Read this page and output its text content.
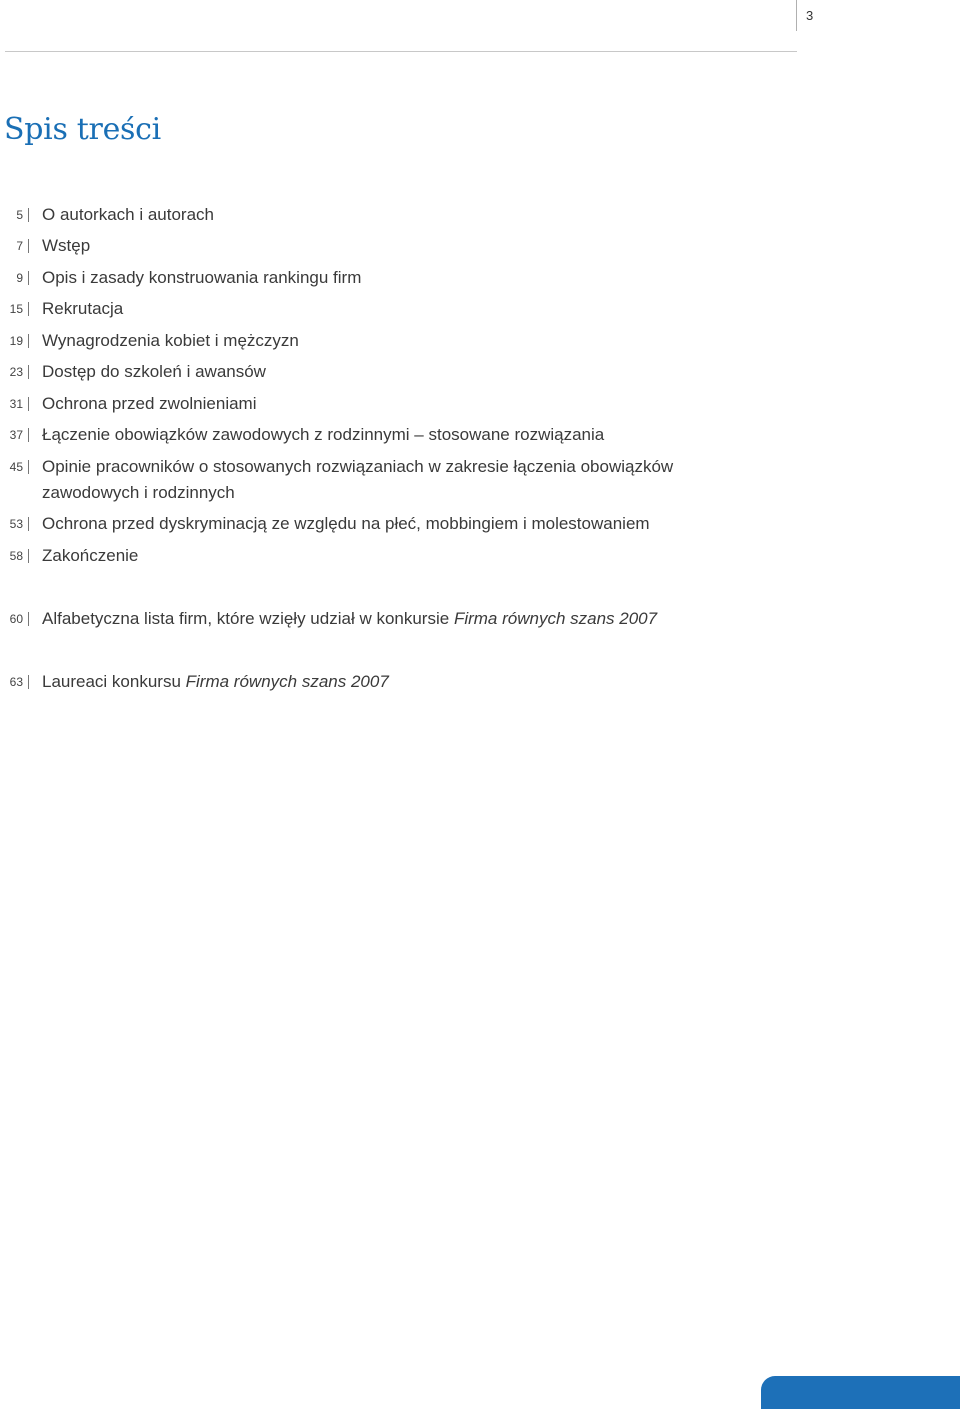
3
Spis treści
5 O autorkach i autorach
7 Wstęp
9 Opis i zasady konstruowania rankingu firm
15 Rekrutacja
19 Wynagrodzenia kobiet i mężczyzn
23 Dostęp do szkoleń i awansów
31 Ochrona przed zwolnieniami
37 Łączenie obowiązków zawodowych z rodzinnymi – stosowane rozwiązania
45 Opinie pracowników o stosowanych rozwiązaniach w zakresie łączenia obowiązków
zawodowych i rodzinnych
53 Ochrona przed dyskryminacją ze względu na płeć, mobbingiem i molestowaniem
58 Zakończenie
60 Alfabetyczna lista firm, które wzięły udział w konkursie Firma równych szans 2007
63 Laureaci konkursu Firma równych szans 2007
